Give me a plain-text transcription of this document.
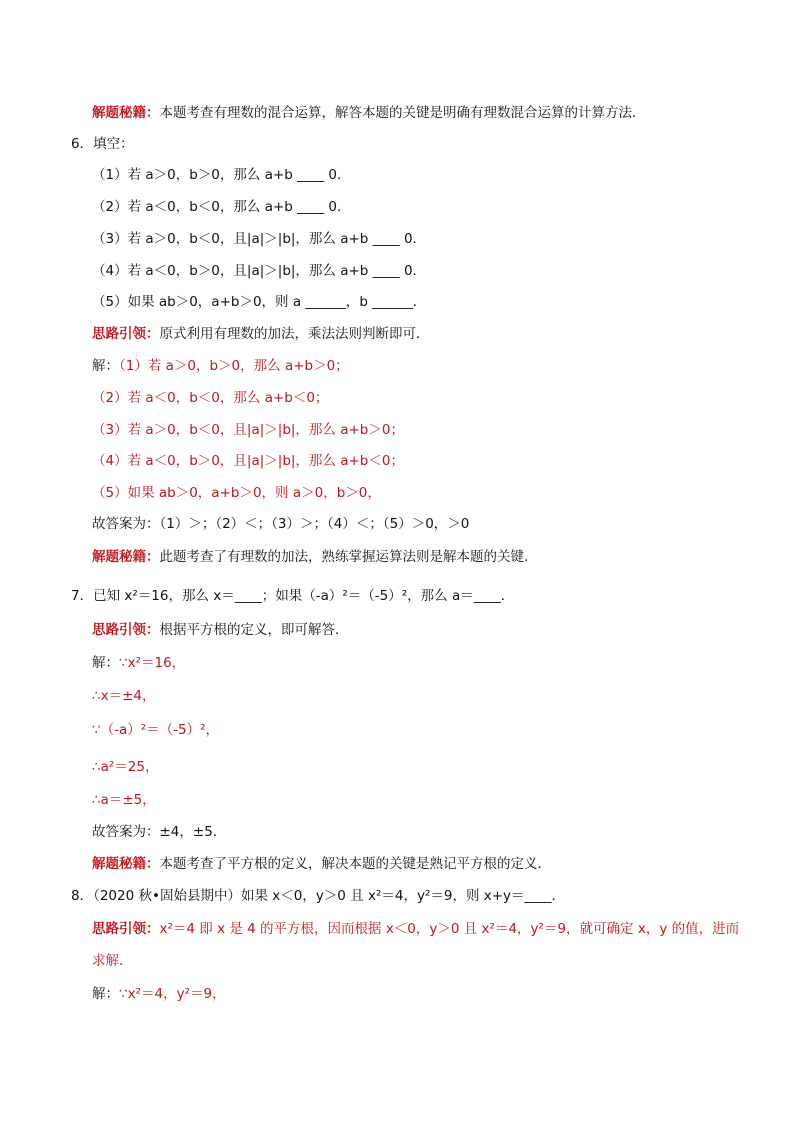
解题秘籍：本题考查有理数的混合运算，解答本题的关键是明确有理数混合运算的计算方法．
6．填空：
（1）若 a＞0，b＞0，那么 a+b ____ 0．
（2）若 a＜0，b＜0，那么 a+b ____ 0．
（3）若 a＞0，b＜0，且|a|＞|b|，那么 a+b ____ 0．
（4）若 a＜0，b＞0，且|a|＞|b|，那么 a+b ____ 0．
（5）如果 ab＞0，a+b＞0，则 a ______，b ______．
思路引领：原式利用有理数的加法，乘法法则判断即可．
解：（1）若 a＞0，b＞0，那么 a+b＞0；
（2）若 a＜0，b＜0，那么 a+b＜0；
（3）若 a＞0，b＜0，且|a|＞|b|，那么 a+b＞0；
（4）若 a＜0，b＞0，且|a|＞|b|，那么 a+b＜0；
（5）如果 ab＞0，a+b＞0，则 a＞0，b＞0，
故答案为：（1）＞；（2）＜；（3）＞；（4）＜；（5）＞0，＞0
解题秘籍：此题考查了有理数的加法，熟练掌握运算法则是解本题的关键．
7．已知 x²＝16，那么 x＝____；如果（-a）²＝（-5）²，那么 a＝____．
思路引领：根据平方根的定义，即可解答．
解：∵x²＝16，
∴x＝±4，
∵（-a）²＝（-5）²，
∴a²＝25，
∴a＝±5，
故答案为：±4，±5．
解题秘籍：本题考查了平方根的定义，解决本题的关键是熟记平方根的定义．
8．（2020 秋•固始县期中）如果 x＜0，y＞0 且 x²＝4，y²＝9，则 x+y＝____．
思路引领：x²＝4 即 x 是 4 的平方根，因而根据 x＜0，y＞0 且 x²＝4，y²＝9，就可确定 x，y 的值，进而
求解．
解：∵x²＝4，y²＝9，
